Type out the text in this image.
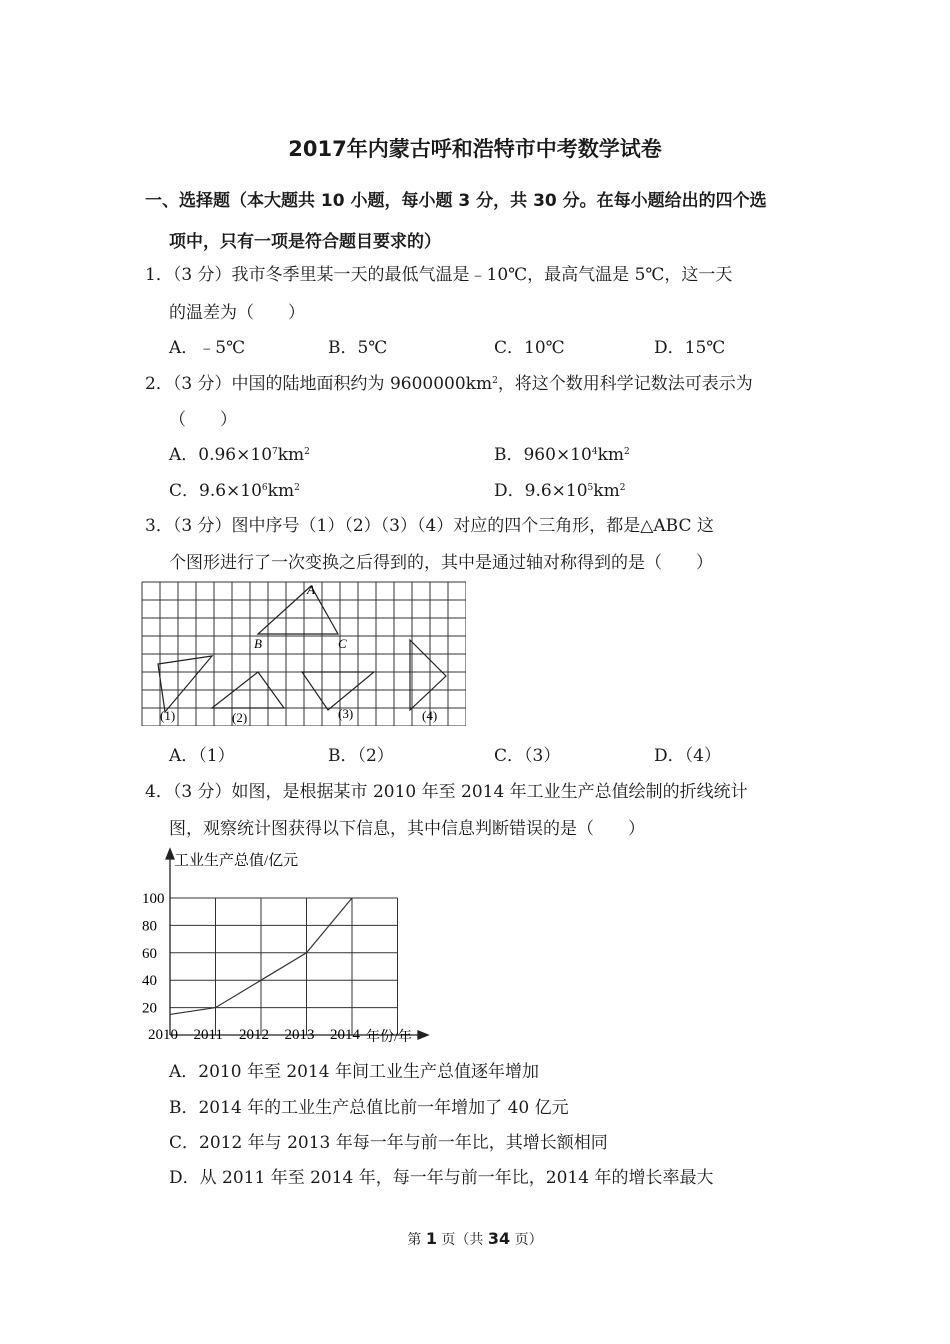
2017年内蒙古呼和浩特市中考数学试卷
一、选择题（本大题共 10 小题，每小题 3 分，共 30 分。在每小题给出的四个选
项中，只有一项是符合题目要求的）
1．（3 分）我市冬季里某一天的最低气温是﹣10℃，最高气温是 5℃，这一天
的温差为（　　）
A．﹣5℃	B．5℃	C．10℃	D．15℃
2．（3 分）中国的陆地面积约为 $9600000km^2$，将这个数用科学记数法可表示为
（　　）
A．$0.96\times 10^7km^2$	B．$960\times 10^4km^2$
C．$9.6\times 10^6km^2$	D．$9.6\times 10^5km^2$
3．（3 分）图中序号（1）（2）（3）（4）对应的四个三角形，都是△ABC 这
个图形进行了一次变换之后得到的，其中是通过轴对称得到的是（　　）
A
B	C
(1)	(2)	(3)	(4)
A．（1）	B．（2）	C．（3）	D．（4）
4．（3 分）如图，是根据某市 2010 年至 2014 年工业生产总值绘制的折线统计
图，观察统计图获得以下信息，其中信息判断错误的是（　　）
工业生产总值/亿元
年份/年
20
40
60
80
100
2010 2011 2012 2013 2014
A．2010 年至 2014 年间工业生产总值逐年增加
B．2014 年的工业生产总值比前一年增加了 40 亿元
C．2012 年与 2013 年每一年与前一年比，其增长额相同
D．从 2011 年至 2014 年，每一年与前一年比，2014 年的增长率最大
第 1 页（共 34 页）
